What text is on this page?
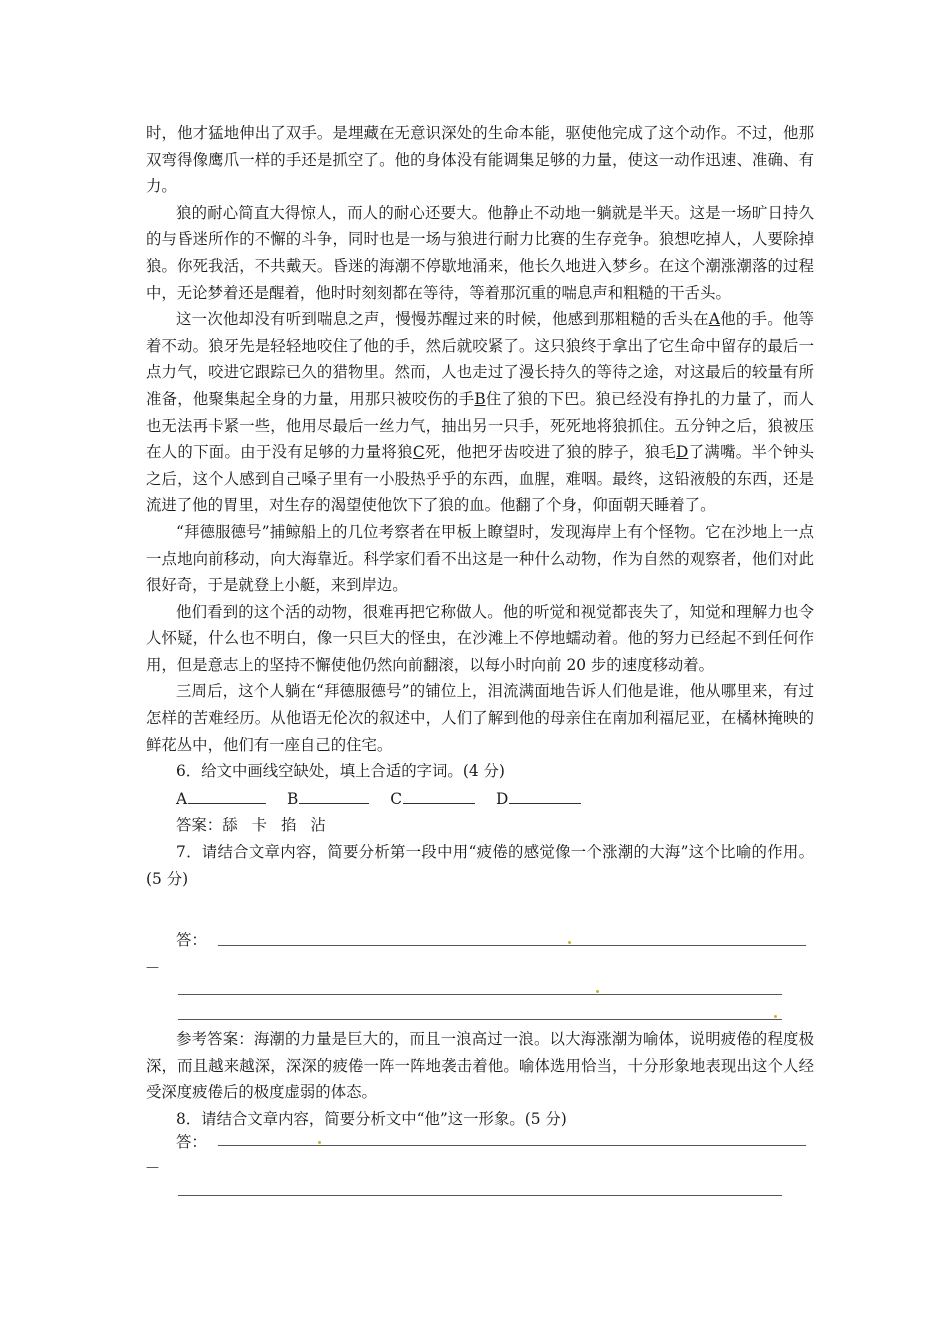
时，他才猛地伸出了双手。是埋藏在无意识深处的生命本能，驱使他完成了这个动作。不过，他那双弯得像鹰爪一样的手还是抓空了。他的身体没有能调集足够的力量，使这一动作迅速、准确、有力。

狼的耐心简直大得惊人，而人的耐心还要大。他静止不动地一躺就是半天。这是一场旷日持久的与昏迷所作的不懈的斗争，同时也是一场与狼进行耐力比赛的生存竞争。狼想吃掉人，人要除掉狼。你死我活，不共戴天。昏迷的海潮不停歇地涌来，他长久地进入梦乡。在这个潮涨潮落的过程中，无论梦着还是醒着，他时时刻刻都在等待，等着那沉重的喘息声和粗糙的干舌头。

这一次他却没有听到喘息之声，慢慢苏醒过来的时候，他感到那粗糙的舌头在A他的手。他等着不动。狼牙先是轻轻地咬住了他的手，然后就咬紧了。这只狼终于拿出了它生命中留存的最后一点力气，咬进它跟踪已久的猎物里。然而，人也走过了漫长持久的等待之途，对这最后的较量有所准备，他聚集起全身的力量，用那只被咬伤的手B住了狼的下巴。狼已经没有挣扎的力量了，而人也无法再卡紧一些，他用尽最后一丝力气，抽出另一只手，死死地将狼抓住。五分钟之后，狼被压在人的下面。由于没有足够的力量将狼C死，他把牙齿咬进了狼的脖子，狼毛D了满嘴。半个钟头之后，这个人感到自己嗓子里有一小股热乎乎的东西，血腥，难咽。最终，这铅液般的东西，还是流进了他的胃里，对生存的渴望使他饮下了狼的血。他翻了个身，仰面朝天睡着了。

“拜德服德号”捕鲸船上的几位考察者在甲板上瞭望时，发现海岸上有个怪物。它在沙地上一点一点地向前移动，向大海靠近。科学家们看不出这是一种什么动物，作为自然的观察者，他们对此很好奇，于是就登上小艇，来到岸边。

他们看到的这个活的动物，很难再把它称做人。他的听觉和视觉都丧失了，知觉和理解力也令人怀疑，什么也不明白，像一只巨大的怪虫，在沙滩上不停地蠕动着。他的努力已经起不到任何作用，但是意志上的坚持不懈使他仍然向前翻滚，以每小时向前 20 步的速度移动着。

三周后，这个人躺在“拜德服德号”的铺位上，泪流满面地告诉人们他是谁，他从哪里来，有过怎样的苦难经历。从他语无伦次的叙述中，人们了解到他的母亲住在南加利福尼亚，在橘林掩映的鲜花丛中，他们有一座自己的住宅。

6．给文中画线空缺处，填上合适的字词。(4 分)

A	B	C	D

答案：舔 卡 掐 沾

7．请结合文章内容，简要分析第一段中用“疲倦的感觉像一个涨潮的大海”这个比喻的作用。(5 分)

答：
—

参考答案：海潮的力量是巨大的，而且一浪高过一浪。以大海涨潮为喻体，说明疲倦的程度极深，而且越来越深，深深的疲倦一阵一阵地袭击着他。喻体选用恰当，十分形象地表现出这个人经受深度疲倦后的极度虚弱的体态。

8．请结合文章内容，简要分析文中“他”这一形象。(5 分)

答：
—
